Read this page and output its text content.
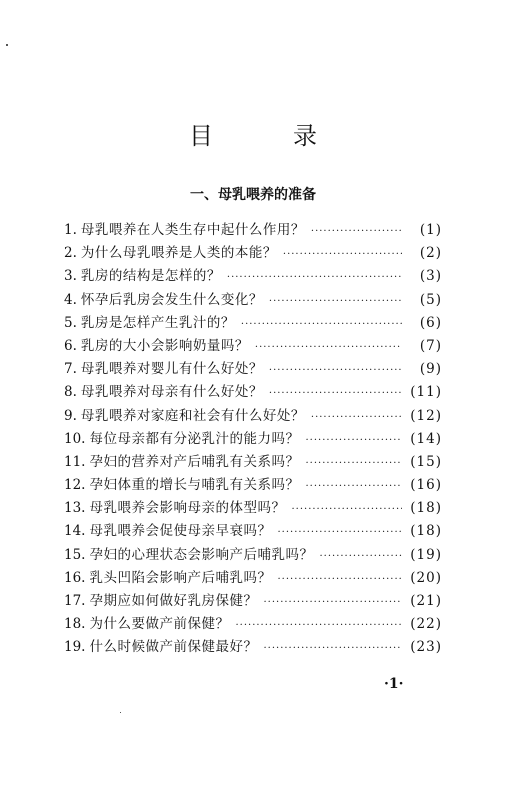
目　录
一、母乳喂养的准备
1. 母乳喂养在人类生存中起什么作用？ ·····	(1)
2. 为什么母乳喂养是人类的本能？ ·····	(2)
3. 乳房的结构是怎样的？ ·····	(3)
4. 怀孕后乳房会发生什么变化？ ·····	(5)
5. 乳房是怎样产生乳汁的？ ·····	(6)
6. 乳房的大小会影响奶量吗？ ·····	(7)
7. 母乳喂养对婴儿有什么好处？ ·····	(9)
8. 母乳喂养对母亲有什么好处？ ·····	(11)
9. 母乳喂养对家庭和社会有什么好处？ ·····	(12)
10. 每位母亲都有分泌乳汁的能力吗？ ·····	(14)
11. 孕妇的营养对产后哺乳有关系吗？ ·····	(15)
12. 孕妇体重的增长与哺乳有关系吗？ ·····	(16)
13. 母乳喂养会影响母亲的体型吗？ ·····	(18)
14. 母乳喂养会促使母亲早衰吗？ ·····	(18)
15. 孕妇的心理状态会影响产后哺乳吗？ ·····	(19)
16. 乳头凹陷会影响产后哺乳吗？ ·····	(20)
17. 孕期应如何做好乳房保健？ ·····	(21)
18. 为什么要做产前保健？ ·····	(22)
19. 什么时候做产前保健最好？ ·····	(23)
·1·
